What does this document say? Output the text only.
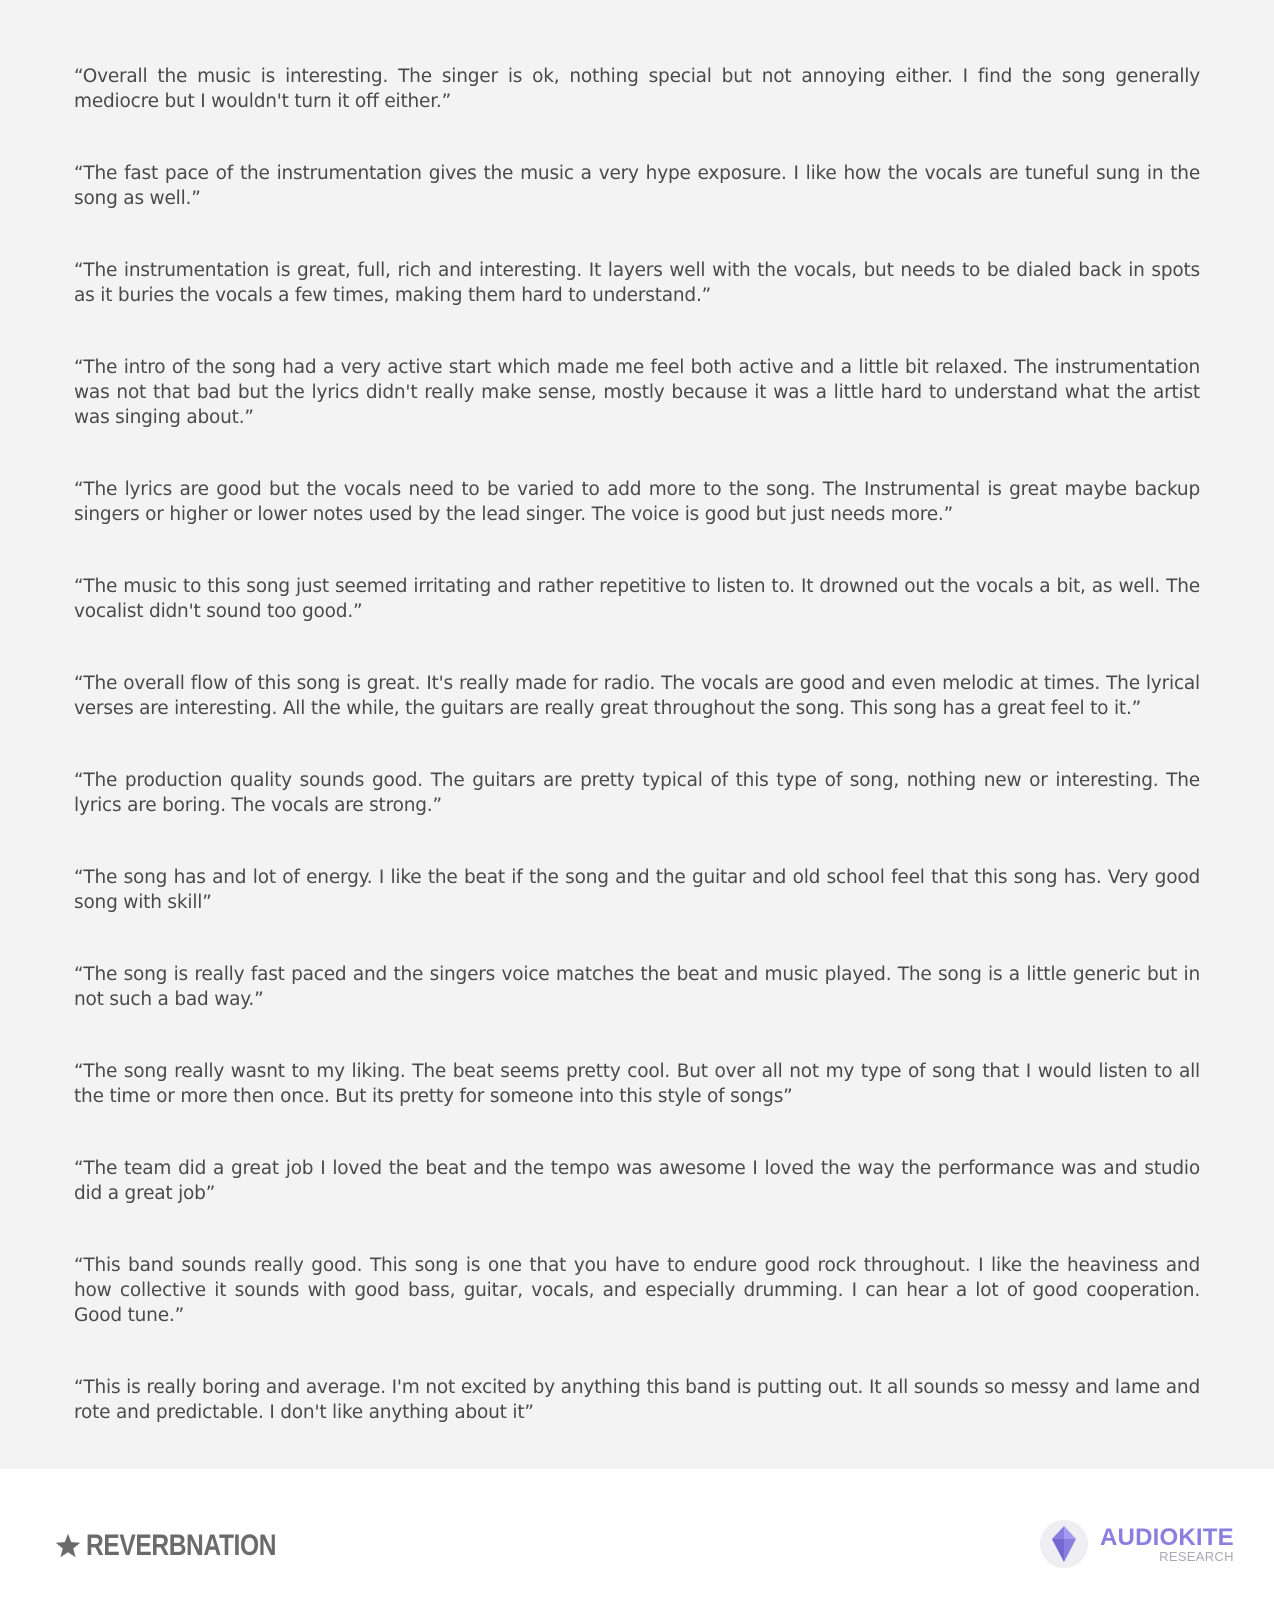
“Overall the music is interesting. The singer is ok, nothing special but not annoying either. I find the song generally mediocre but I wouldn't turn it off either.”
“The fast pace of the instrumentation gives the music a very hype exposure. I like how the vocals are tuneful sung in the song as well.”
“The instrumentation is great, full, rich and interesting. It layers well with the vocals, but needs to be dialed back in spots as it buries the vocals a few times, making them hard to understand.”
“The intro of the song had a very active start which made me feel both active and a little bit relaxed. The instrumentation was not that bad but the lyrics didn't really make sense, mostly because it was a little hard to understand what the artist was singing about.”
“The lyrics are good but the vocals need to be varied to add more to the song. The Instrumental is great maybe backup singers or higher or lower notes used by the lead singer. The voice is good but just needs more.”
“The music to this song just seemed irritating and rather repetitive to listen to. It drowned out the vocals a bit, as well. The vocalist didn't sound too good.”
“The overall flow of this song is great. It's really made for radio. The vocals are good and even melodic at times. The lyrical verses are interesting. All the while, the guitars are really great throughout the song. This song has a great feel to it.”
“The production quality sounds good. The guitars are pretty typical of this type of song, nothing new or interesting. The lyrics are boring. The vocals are strong.”
“The song has and lot of energy. I like the beat if the song and the guitar and old school feel that this song has. Very good song with skill”
“The song is really fast paced and the singers voice matches the beat and music played. The song is a little generic but in not such a bad way.”
“The song really wasnt to my liking. The beat seems pretty cool. But over all not my type of song that I would listen to all the time or more then once. But its pretty for someone into this style of songs”
“The team did a great job I loved the beat and the tempo was awesome I loved the way the performance was and studio did a great job”
“This band sounds really good. This song is one that you have to endure good rock throughout. I like the heaviness and how collective it sounds with good bass, guitar, vocals, and especially drumming. I can hear a lot of good cooperation. Good tune.”
“This is really boring and average. I'm not excited by anything this band is putting out. It all sounds so messy and lame and rote and predictable. I don't like anything about it”
REVERBNATION	AUDIOKITE
RESEARCH
